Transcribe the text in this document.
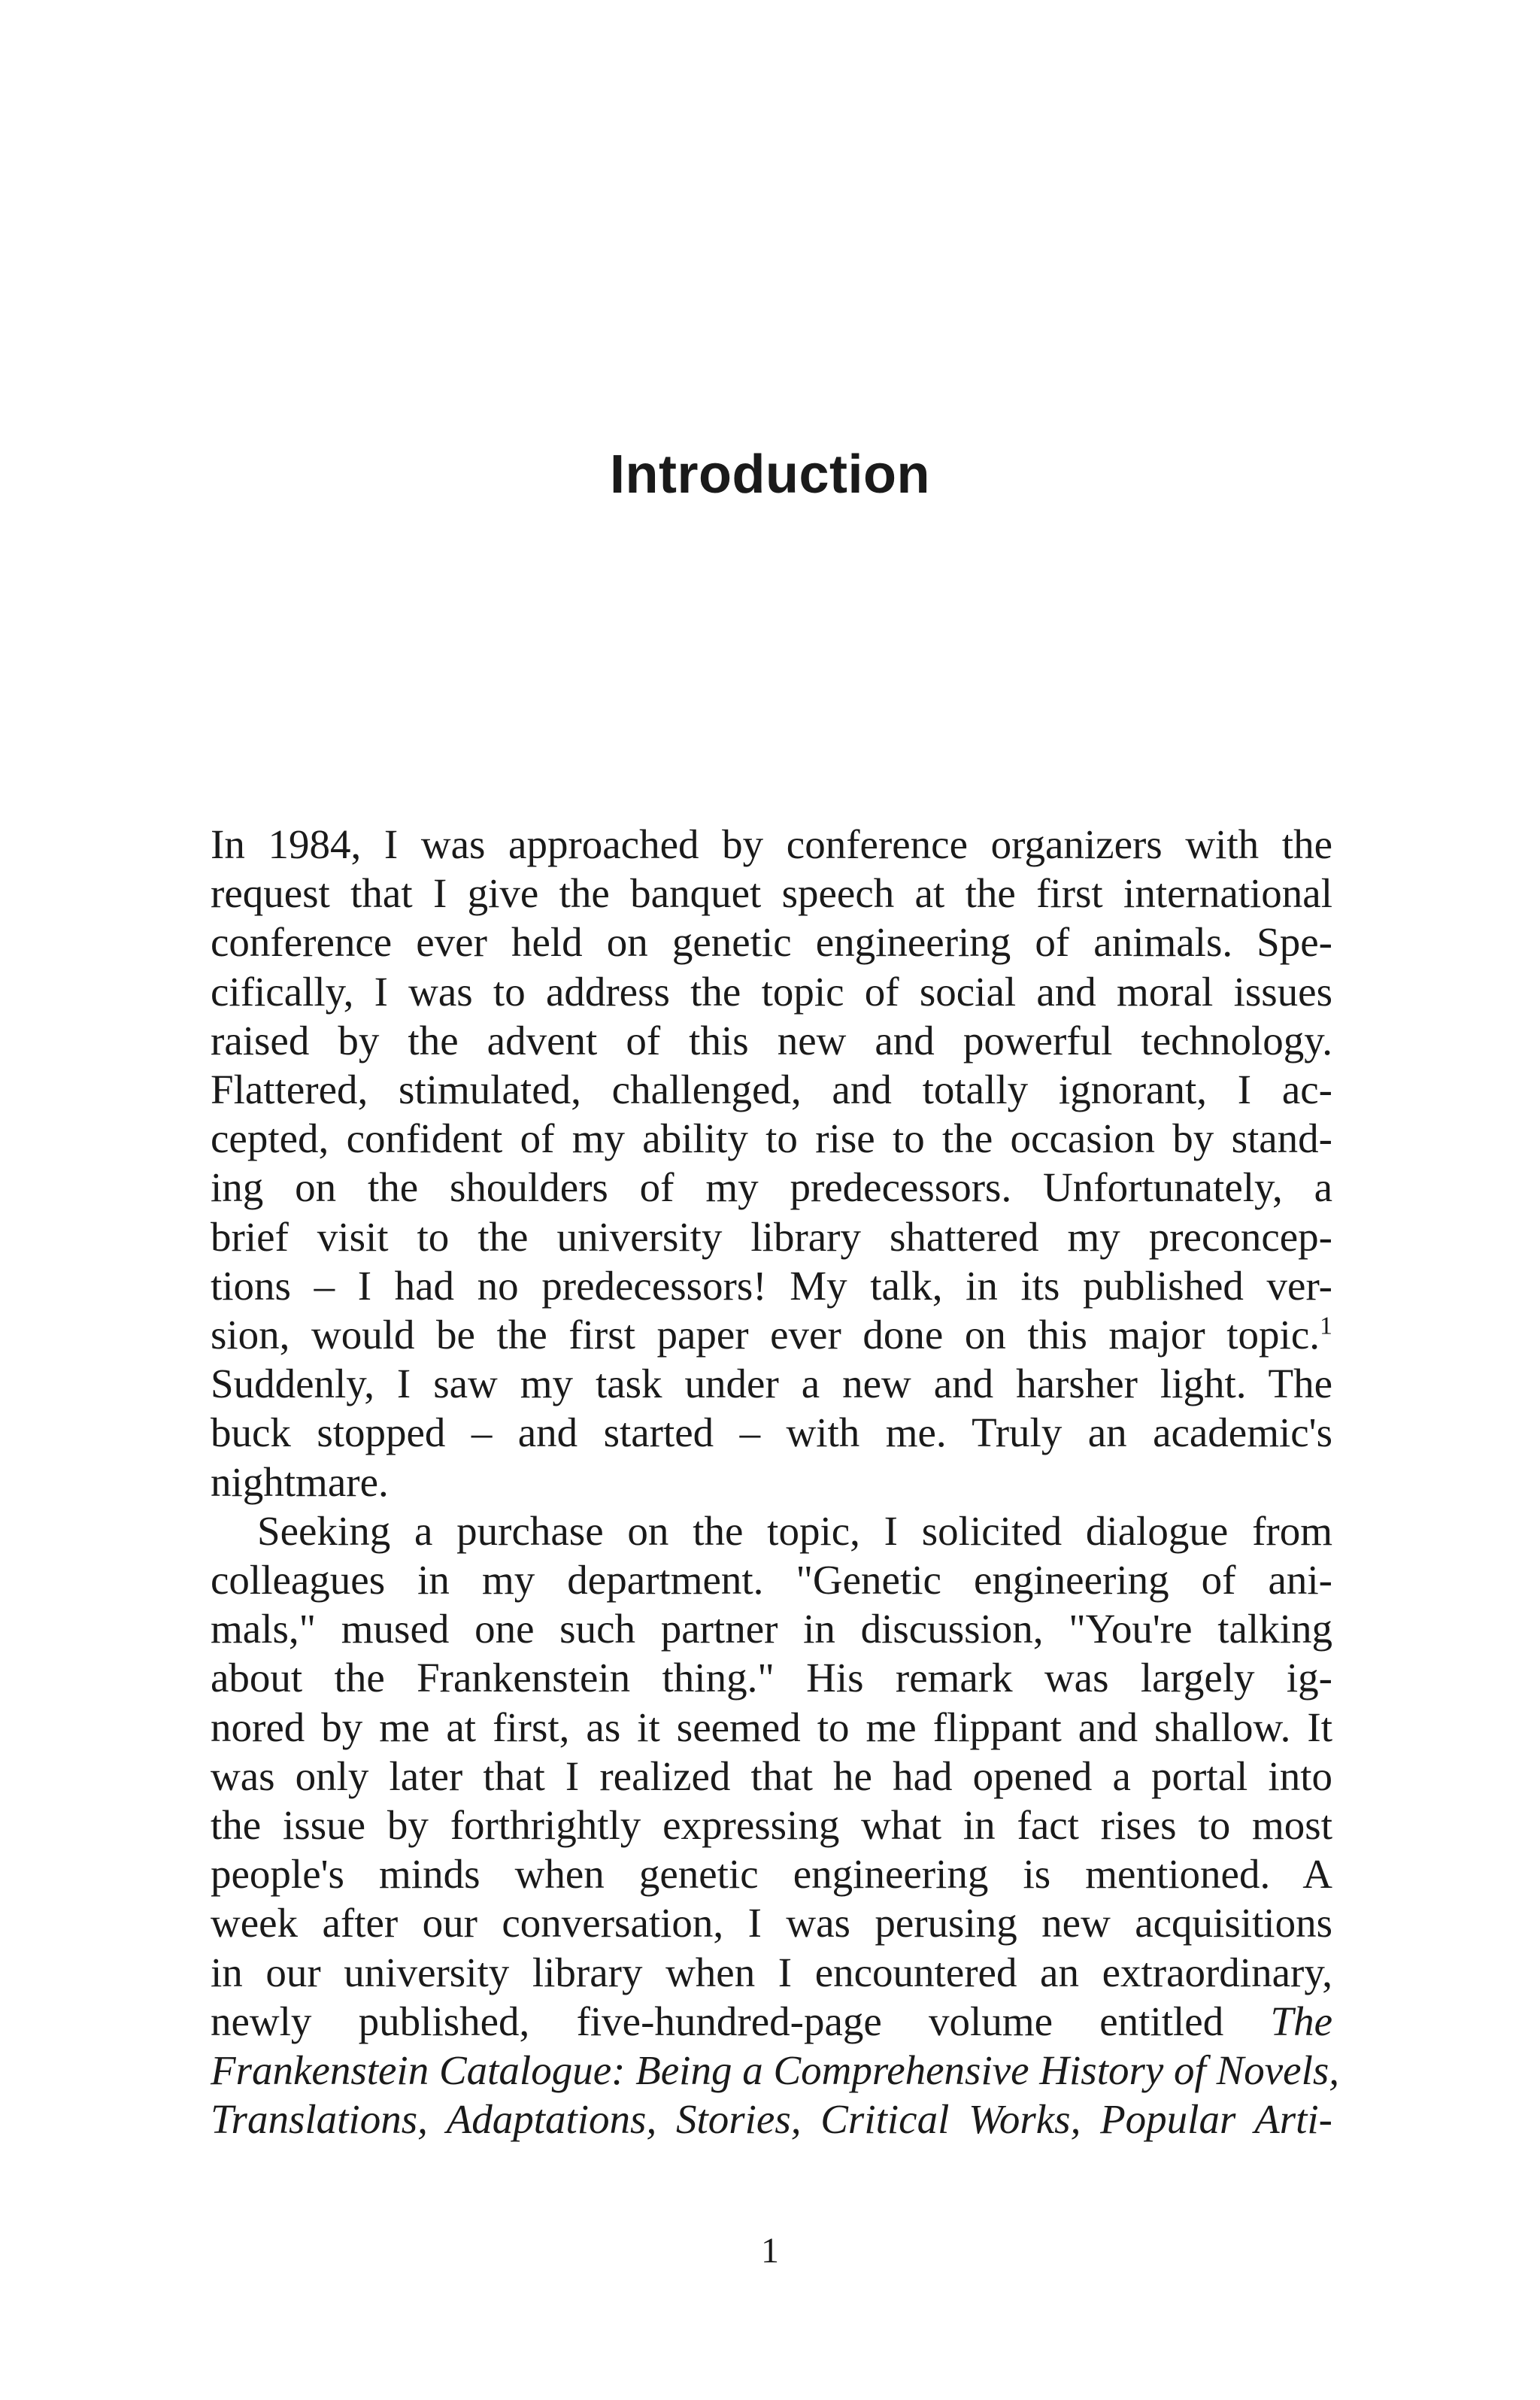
Introduction
In 1984, I was approached by conference organizers with the
request that I give the banquet speech at the first international
conference ever held on genetic engineering of animals. Spe-
cifically, I was to address the topic of social and moral issues
raised by the advent of this new and powerful technology.
Flattered, stimulated, challenged, and totally ignorant, I ac-
cepted, confident of my ability to rise to the occasion by stand-
ing on the shoulders of my predecessors. Unfortunately, a
brief visit to the university library shattered my preconcep-
tions – I had no predecessors! My talk, in its published ver-
sion, would be the first paper ever done on this major topic.$^1$
Suddenly, I saw my task under a new and harsher light. The
buck stopped – and started – with me. Truly an academic's
nightmare.
Seeking a purchase on the topic, I solicited dialogue from
colleagues in my department. "Genetic engineering of ani-
mals," mused one such partner in discussion, "You're talking
about the Frankenstein thing." His remark was largely ig-
nored by me at first, as it seemed to me flippant and shallow. It
was only later that I realized that he had opened a portal into
the issue by forthrightly expressing what in fact rises to most
people's minds when genetic engineering is mentioned. A
week after our conversation, I was perusing new acquisitions
in our university library when I encountered an extraordinary,
newly published, five-hundred-page volume entitled The
Frankenstein Catalogue: Being a Comprehensive History of Novels,
Translations, Adaptations, Stories, Critical Works, Popular Arti-
1
